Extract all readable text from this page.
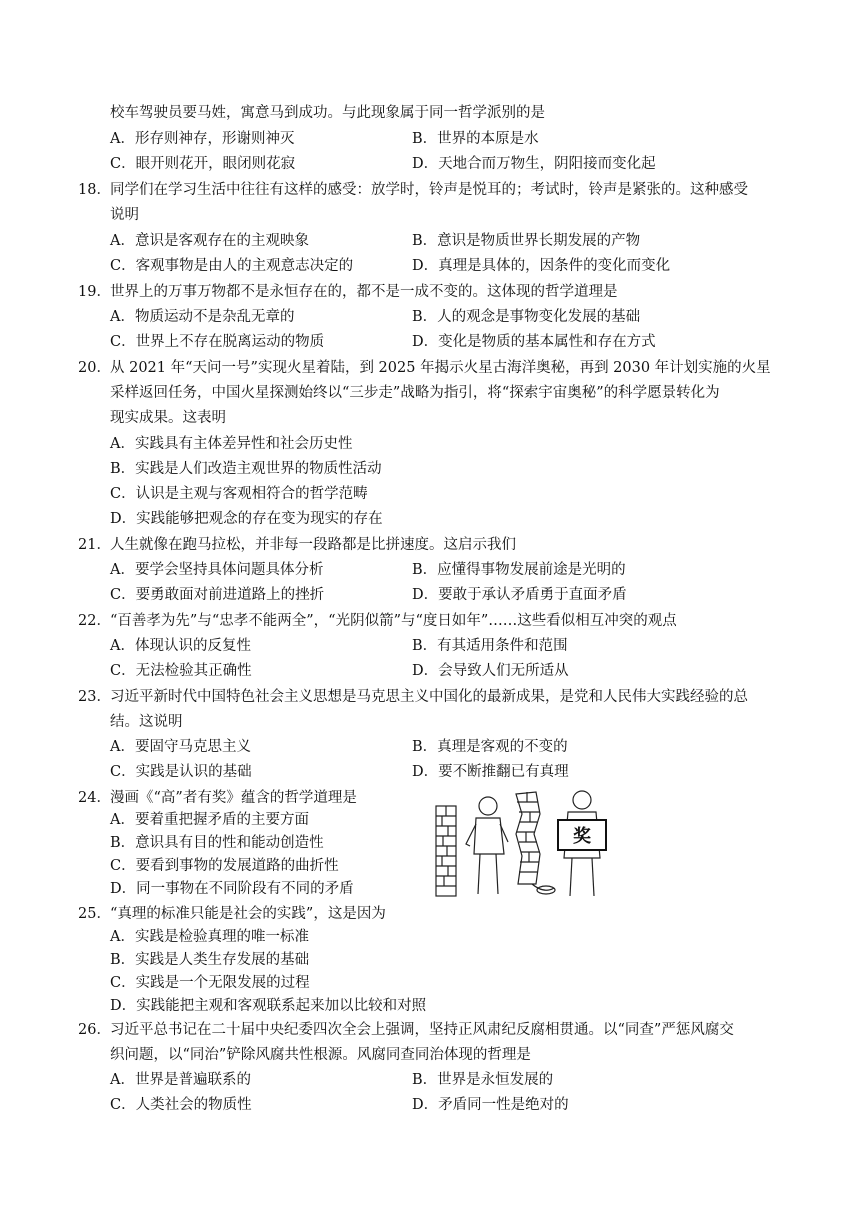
校车驾驶员要马姓，寓意马到成功。与此现象属于同一哲学派别的是
A．形存则神存，形谢则神灭	B．世界的本原是水
C．眼开则花开，眼闭则花寂	D．天地合而万物生，阴阳接而变化起
18． 同学们在学习生活中往往有这样的感受：放学时，铃声是悦耳的；考试时，铃声是紧张的。这种感受
说明
A．意识是客观存在的主观映象	B．意识是物质世界长期发展的产物
C．客观事物是由人的主观意志决定的	D．真理是具体的，因条件的变化而变化
19． 世界上的万事万物都不是永恒存在的，都不是一成不变的。这体现的哲学道理是
A．物质运动不是杂乱无章的	B．人的观念是事物变化发展的基础
C．世界上不存在脱离运动的物质	D．变化是物质的基本属性和存在方式
20． 从 2021 年“天问一号”实现火星着陆，到 2025 年揭示火星古海洋奥秘，再到 2030 年计划实施的火星
采样返回任务，中国火星探测始终以“三步走”战略为指引，将“探索宇宙奥秘”的科学愿景转化为
现实成果。这表明
A．实践具有主体差异性和社会历史性
B．实践是人们改造主观世界的物质性活动
C．认识是主观与客观相符合的哲学范畴
D．实践能够把观念的存在变为现实的存在
21． 人生就像在跑马拉松，并非每一段路都是比拼速度。这启示我们
A．要学会坚持具体问题具体分析	B．应懂得事物发展前途是光明的
C．要勇敢面对前进道路上的挫折	D．要敢于承认矛盾勇于直面矛盾
22． “百善孝为先”与“忠孝不能两全”，“光阴似箭”与“度日如年”……这些看似相互冲突的观点
A．体现认识的反复性	B．有其适用条件和范围
C．无法检验其正确性	D．会导致人们无所适从
23． 习近平新时代中国特色社会主义思想是马克思主义中国化的最新成果，是党和人民伟大实践经验的总
结。这说明
A．要固守马克思主义	B．真理是客观的不变的
C．实践是认识的基础	D．要不断推翻已有真理
24． 漫画《“高”者有奖》蕴含的哲学道理是
A．要着重把握矛盾的主要方面
B．意识具有目的性和能动创造性
C．要看到事物的发展道路的曲折性
D．同一事物在不同阶段有不同的矛盾
奖
25． “真理的标准只能是社会的实践”，这是因为
A．实践是检验真理的唯一标准
B．实践是人类生存发展的基础
C．实践是一个无限发展的过程
D．实践能把主观和客观联系起来加以比较和对照
26． 习近平总书记在二十届中央纪委四次全会上强调，坚持正风肃纪反腐相贯通。以“同查”严惩风腐交
织问题，以“同治”铲除风腐共性根源。风腐同查同治体现的哲理是
A．世界是普遍联系的	B．世界是永恒发展的
C．人类社会的物质性	D．矛盾同一性是绝对的
